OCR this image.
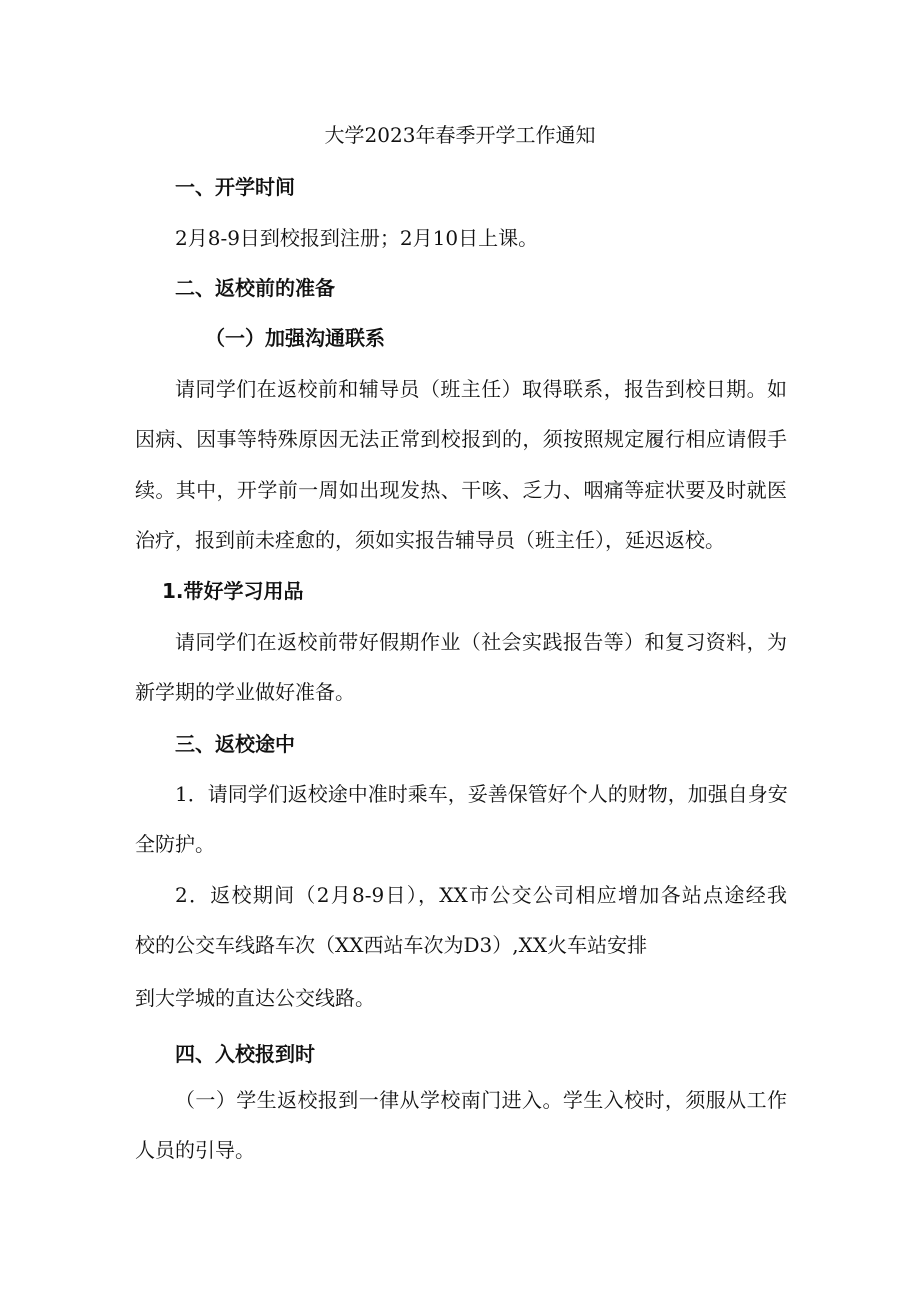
大学2023年春季开学工作通知

一、开学时间

2月8-9日到校报到注册；2月10日上课。

二、返校前的准备

（一）加强沟通联系

请同学们在返校前和辅导员（班主任）取得联系，报告到校日期。如

因病、因事等特殊原因无法正常到校报到的，须按照规定履行相应请假手

续。其中，开学前一周如出现发热、干咳、乏力、咽痛等症状要及时就医

治疗，报到前未痊愈的，须如实报告辅导员（班主任），延迟返校。

1.带好学习用品

请同学们在返校前带好假期作业（社会实践报告等）和复习资料，为

新学期的学业做好准备。

三、返校途中

1．请同学们返校途中准时乘车，妥善保管好个人的财物，加强自身安

全防护。

2．返校期间（2月8-9日），XX市公交公司相应增加各站点途经我

校的公交车线路车次（XX西站车次为D3）,XX火车站安排

到大学城的直达公交线路。

四、入校报到时

（一）学生返校报到一律从学校南门进入。学生入校时，须服从工作

人员的引导。
